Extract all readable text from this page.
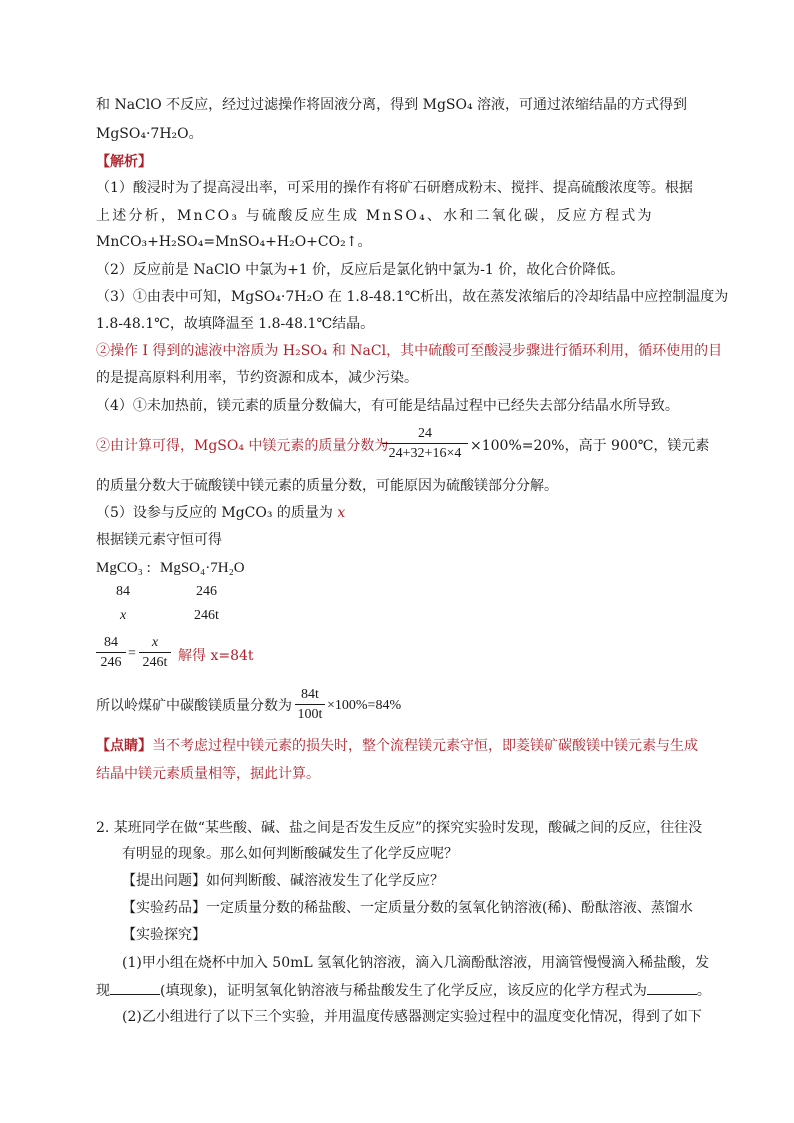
和 NaClO 不反应，经过过滤操作将固液分离，得到 MgSO₄ 溶液，可通过浓缩结晶的方式得到
MgSO₄·7H₂O。
【解析】
（1）酸浸时为了提高浸出率，可采用的操作有将矿石研磨成粉末、搅拌、提高硫酸浓度等。根据
上述分析，MnCO₃ 与硫酸反应生成 MnSO₄、水和二氧化碳，反应方程式为
MnCO₃+H₂SO₄=MnSO₄+H₂O+CO₂↑。
（2）反应前是 NaClO 中氯为+1 价，反应后是氯化钠中氯为-1 价，故化合价降低。
（3）①由表中可知，MgSO₄·7H₂O 在 1.8-48.1℃析出，故在蒸发浓缩后的冷却结晶中应控制温度为
1.8-48.1℃，故填降温至 1.8-48.1℃结晶。
②操作 I 得到的滤液中溶质为 H₂SO₄ 和 NaCl，其中硫酸可至酸浸步骤进行循环利用，循环使用的目
的是提高原料利用率，节约资源和成本，减少污染。
（4）①未加热前，镁元素的质量分数偏大，有可能是结晶过程中已经失去部分结晶水所导致。
②由计算可得，MgSO₄ 中镁元素的质量分数为
24
24+32+16×4 ×100%=20%，高于 900℃，镁元素
的质量分数大于硫酸镁中镁元素的质量分数，可能原因为硫酸镁部分分解。
（5）设参与反应的 MgCO₃ 的质量为 x
根据镁元素守恒可得
MgCO₃ : MgSO₄·7H₂O
84	246
x	246t
84
246
=
x
246t 解得 x=84t
所以岭煤矿中碳酸镁质量分数为
84t
100t
×100%=84%
【点睛】当不考虑过程中镁元素的损失时，整个流程镁元素守恒，即菱镁矿碳酸镁中镁元素与生成
结晶中镁元素质量相等，据此计算。
2. 某班同学在做“某些酸、碱、盐之间是否发生反应”的探究实验时发现，酸碱之间的反应，往往没
有明显的现象。那么如何判断酸碱发生了化学反应呢？
【提出问题】如何判断酸、碱溶液发生了化学反应？
【实验药品】一定质量分数的稀盐酸、一定质量分数的氢氧化钠溶液(稀)、酚酞溶液、蒸馏水
【实验探究】
(1)甲小组在烧杯中加入 50mL 氢氧化钠溶液，滴入几滴酚酞溶液，用滴管慢慢滴入稀盐酸，发
现	(填现象)，证明氢氧化钠溶液与稀盐酸发生了化学反应，该反应的化学方程式为	。
(2)乙小组进行了以下三个实验，并用温度传感器测定实验过程中的温度变化情况，得到了如下
